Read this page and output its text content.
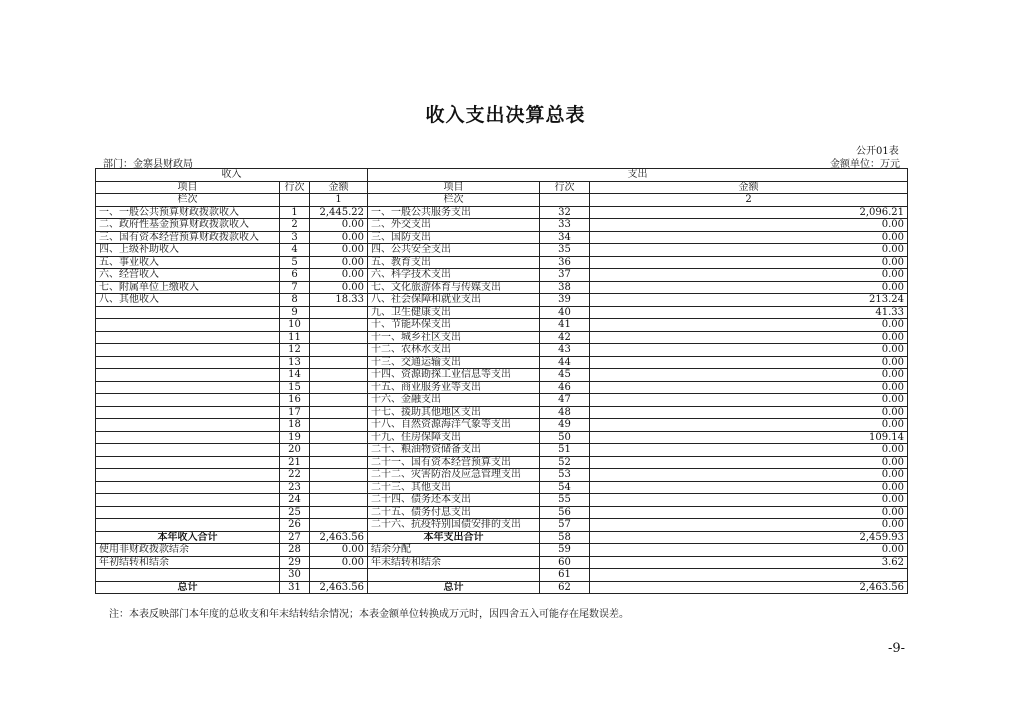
收入支出决算总表
公开01表
部门：金寨县财政局	金额单位：万元
收入			支出		
项目	行次	金额	项目	行次	金额
栏次		1	栏次		2
一、一般公共预算财政拨款收入	1	2,445.22	一、一般公共服务支出	32	2,096.21
二、政府性基金预算财政拨款收入	2	0.00	二、外交支出	33	0.00
三、国有资本经营预算财政拨款收入	3	0.00	三、国防支出	34	0.00
四、上级补助收入	4	0.00	四、公共安全支出	35	0.00
五、事业收入	5	0.00	五、教育支出	36	0.00
六、经营收入	6	0.00	六、科学技术支出	37	0.00
七、附属单位上缴收入	7	0.00	七、文化旅游体育与传媒支出	38	0.00
八、其他收入	8	18.33	八、社会保障和就业支出	39	213.24
	9		九、卫生健康支出	40	41.33
	10		十、节能环保支出	41	0.00
	11		十一、城乡社区支出	42	0.00
	12		十二、农林水支出	43	0.00
	13		十三、交通运输支出	44	0.00
	14		十四、资源勘探工业信息等支出	45	0.00
	15		十五、商业服务业等支出	46	0.00
	16		十六、金融支出	47	0.00
	17		十七、援助其他地区支出	48	0.00
	18		十八、自然资源海洋气象等支出	49	0.00
	19		十九、住房保障支出	50	109.14
	20		二十、粮油物资储备支出	51	0.00
	21		二十一、国有资本经营预算支出	52	0.00
	22		二十二、灾害防治及应急管理支出	53	0.00
	23		二十三、其他支出	54	0.00
	24		二十四、债务还本支出	55	0.00
	25		二十五、债务付息支出	56	0.00
	26		二十六、抗疫特别国债安排的支出	57	0.00
本年收入合计	27	2,463.56	本年支出合计	58	2,459.93
使用非财政拨款结余	28	0.00	结余分配	59	0.00
年初结转和结余	29	0.00	年末结转和结余	60	3.62
	30			61	
总计	31	2,463.56	总计	62	2,463.56
注：本表反映部门本年度的总收支和年末结转结余情况；本表金额单位转换成万元时，因四舍五入可能存在尾数误差。
-9-
